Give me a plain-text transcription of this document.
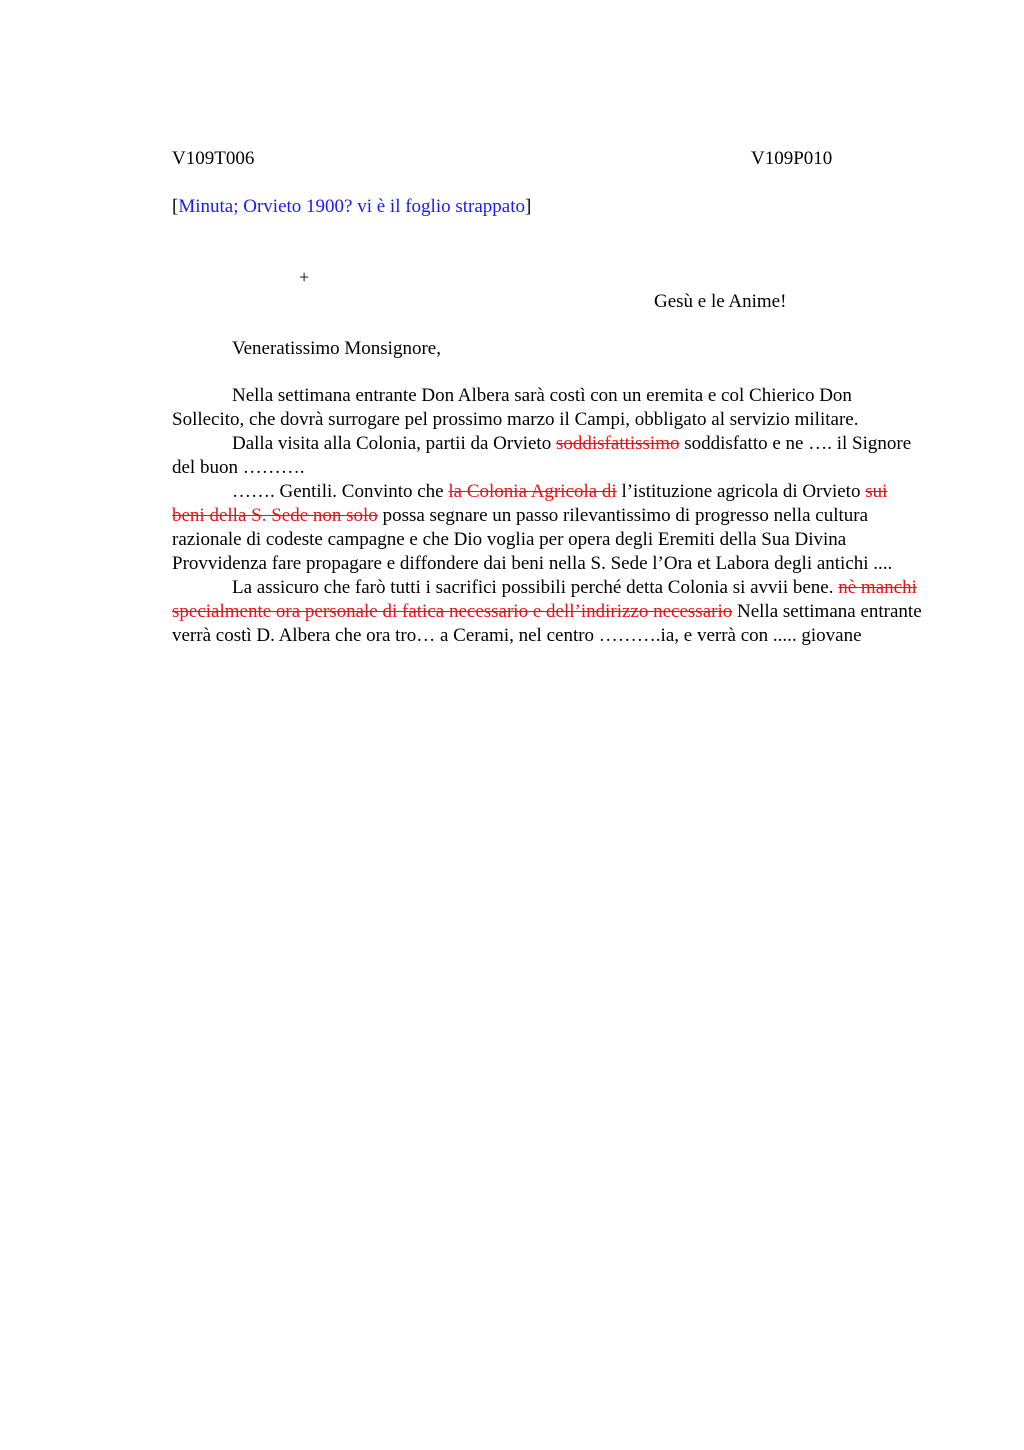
V109T006	V109P010
[Minuta; Orvieto 1900? vi è il foglio strappato]
+
Gesù e le Anime!
Veneratissimo Monsignore,

Nella settimana entrante Don Albera sarà costì con un eremita e col Chierico Don Sollecito, che dovrà surrogare pel prossimo marzo il Campi, obbligato al servizio militare.

Dalla visita alla Colonia, partii da Orvieto soddisfattissimo soddisfatto e ne …. il Signore del buon ……….

……. Gentili. Convinto che la Colonia Agricola di l’istituzione agricola di Orvieto sui beni della S. Sede non solo possa segnare un passo rilevantissimo di progresso nella cultura razionale di codeste campagne e che Dio voglia per opera degli Eremiti della Sua Divina Provvidenza fare propagare e diffondere dai beni nella S. Sede l’Ora et Labora degli antichi ....

La assicuro che farò tutti i sacrifici possibili perché detta Colonia si avvii bene. nè manchi specialmente ora personale di fatica necessario e dell’indirizzo necessario Nella settimana entrante verrà costì D. Albera che ora tro… a Cerami, nel centro ……….ia, e verrà con ..... giovane
